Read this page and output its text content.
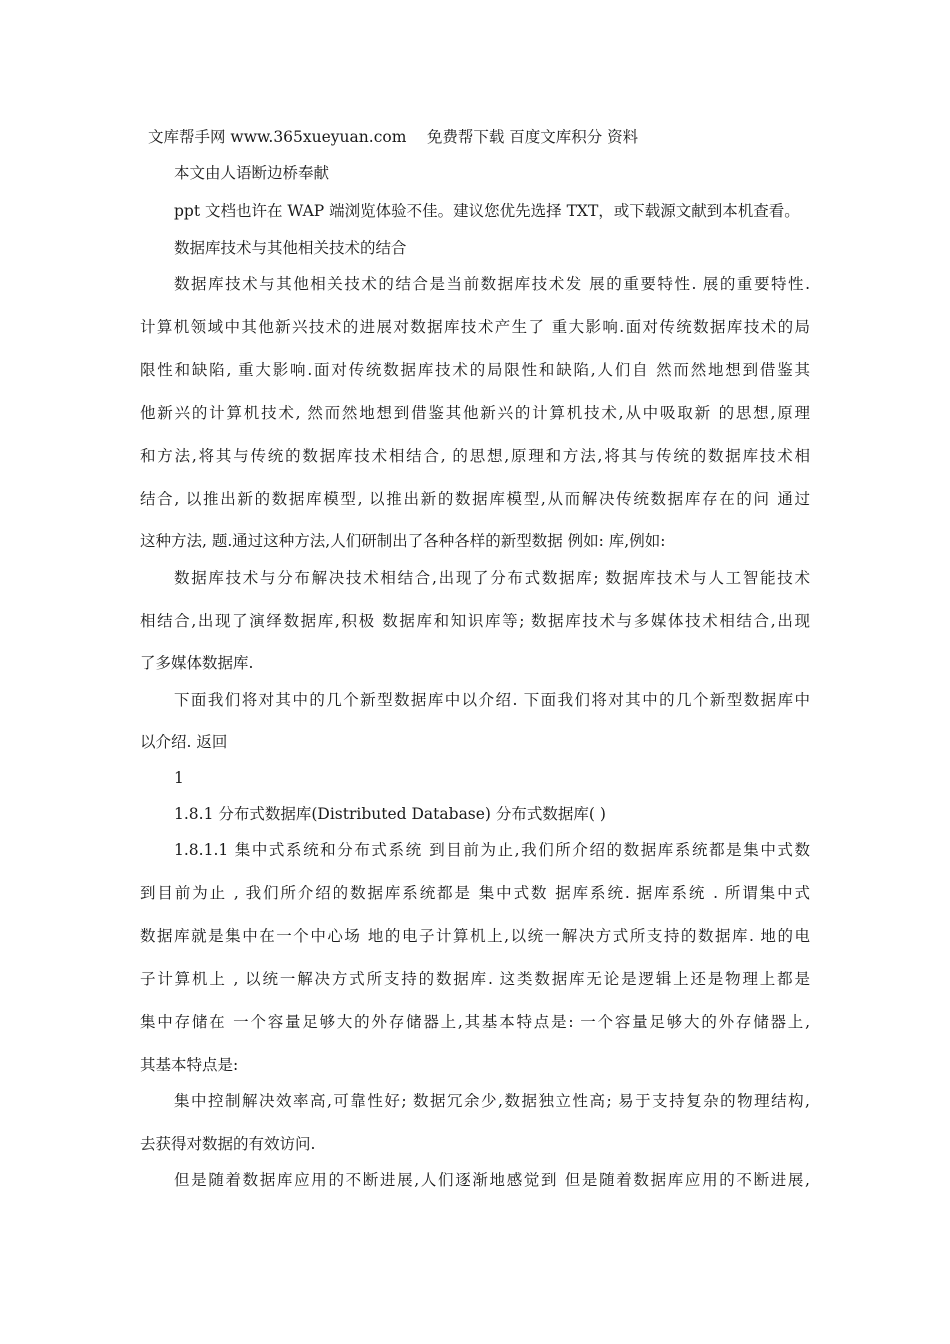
文库帮手网 www.365xueyuan.com　 免费帮下载 百度文库积分 资料

本文由人语断边桥奉献

ppt 文档也许在 WAP 端浏览体验不佳。建议您优先选择 TXT，或下载源文献到本机查看。

数据库技术与其他相关技术的结合

数据库技术与其他相关技术的结合是当前数据库技术发 展的重要特性. 展的重要特性.

计算机领域中其他新兴技术的进展对数据库技术产生了 重大影响.面对传统数据库技术的局

限性和缺陷, 重大影响.面对传统数据库技术的局限性和缺陷,人们自 然而然地想到借鉴其

他新兴的计算机技术, 然而然地想到借鉴其他新兴的计算机技术,从中吸取新 的思想,原理

和方法,将其与传统的数据库技术相结合, 的思想,原理和方法,将其与传统的数据库技术相

结合, 以推出新的数据库模型, 以推出新的数据库模型,从而解决传统数据库存在的问 通过

这种方法, 题.通过这种方法,人们研制出了各种各样的新型数据 例如: 库,例如:

数据库技术与分布解决技术相结合,出现了分布式数据库; 数据库技术与人工智能技术

相结合,出现了演绎数据库,积极 数据库和知识库等; 数据库技术与多媒体技术相结合,出现

了多媒体数据库.

下面我们将对其中的几个新型数据库中以介绍. 下面我们将对其中的几个新型数据库中

以介绍. 返回

1

1.8.1 分布式数据库(Distributed Database) 分布式数据库( )

1.8.1.1 集中式系统和分布式系统 到目前为止,我们所介绍的数据库系统都是集中式数

到目前为止 , 我们所介绍的数据库系统都是 集中式数 据库系统. 据库系统 . 所谓集中式

数据库就是集中在一个中心场 地的电子计算机上,以统一解决方式所支持的数据库. 地的电

子计算机上 , 以统一解决方式所支持的数据库. 这类数据库无论是逻辑上还是物理上都是

集中存储在 一个容量足够大的外存储器上,其基本特点是: 一个容量足够大的外存储器上,

其基本特点是:

集中控制解决效率高,可靠性好; 数据冗余少,数据独立性高; 易于支持复杂的物理结构,

去获得对数据的有效访问.

但是随着数据库应用的不断进展,人们逐渐地感觉到 但是随着数据库应用的不断进展,
